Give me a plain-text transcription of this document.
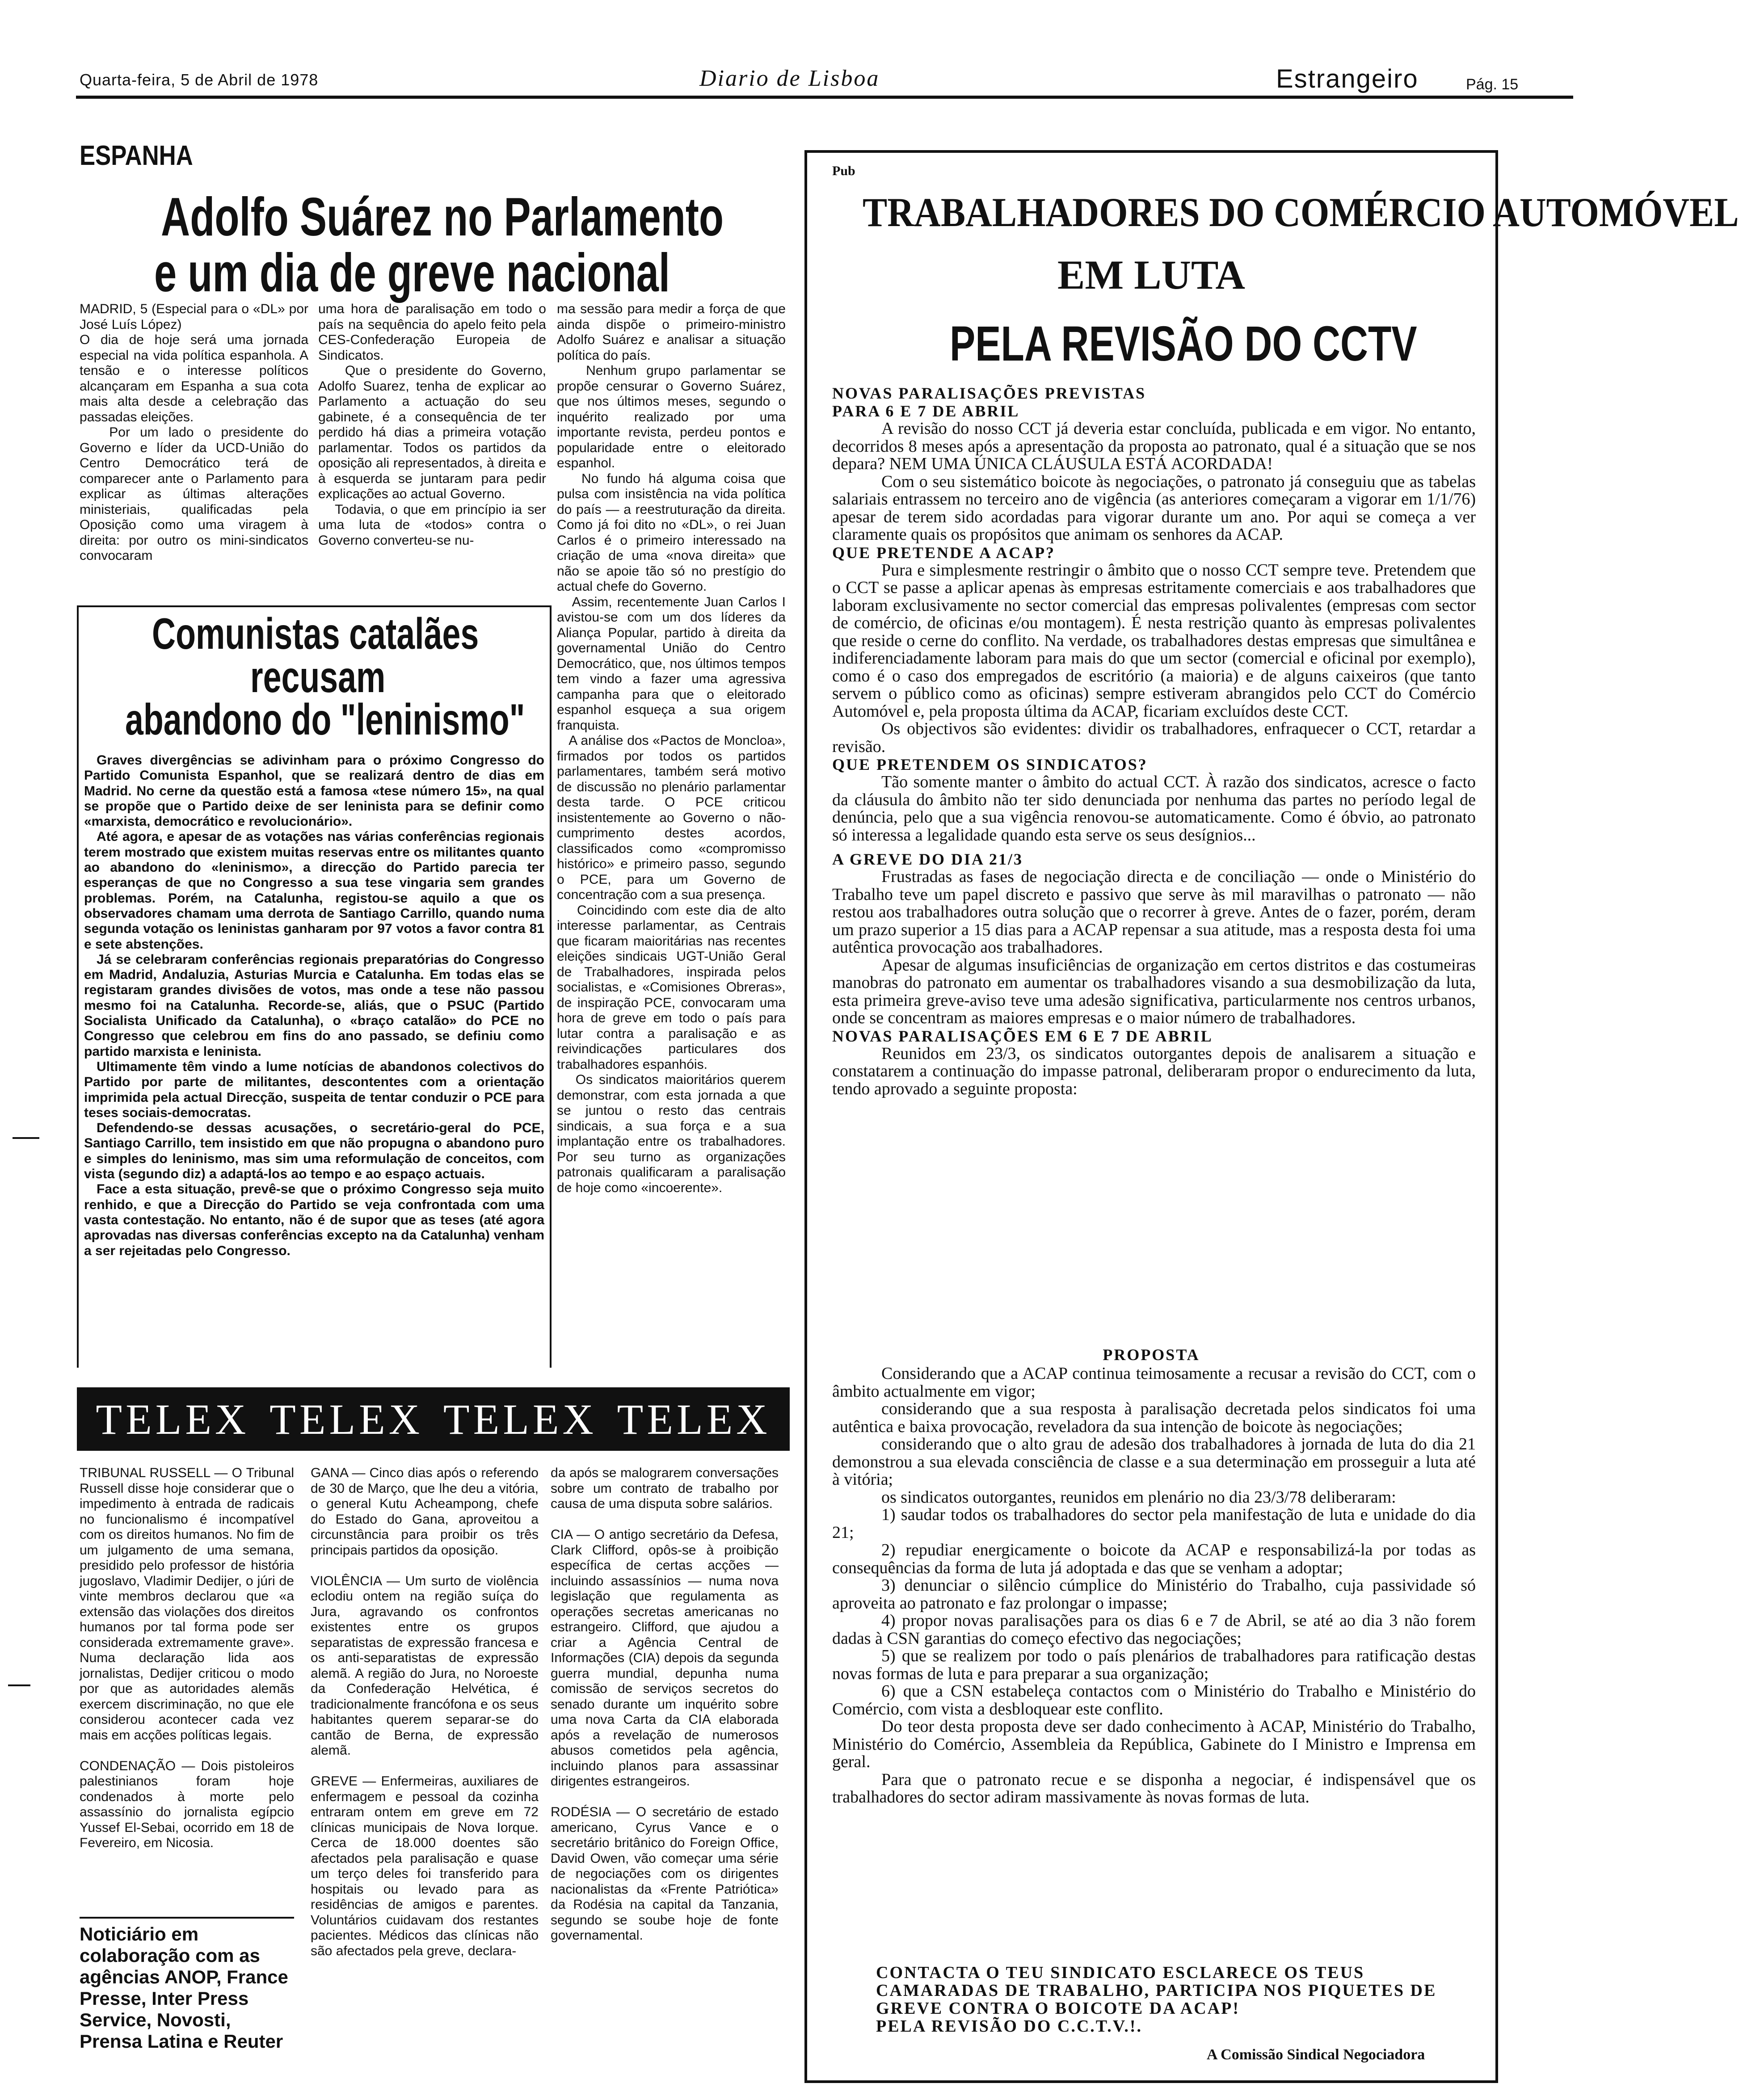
Quarta-feira, 5 de Abril de 1978	Diario de Lisboa	Estrangeiro	Pág. 15
ESPANHA
Adolfo Suárez no Parlamento
e um dia de greve nacional
MADRID, 5 (Especial para o «DL» por José Luís López)
O dia de hoje será uma jornada especial na vida política espanhola. A tensão e o interesse políticos alcançaram em Espanha a sua cota mais alta desde a celebração das passadas eleições.
Por um lado o presidente do Governo e líder da UCD-União do Centro Democrático terá de comparecer ante o Parlamento para explicar as últimas alterações ministeriais, qualificadas pela Oposição como uma viragem à direita: por outro os mini-sindicatos convocaram
uma hora de paralisação em todo o país na sequência do apelo feito pela CES-Confederação Europeia de Sindicatos.
Que o presidente do Governo, Adolfo Suarez, tenha de explicar ao Parlamento a actuação do seu gabinete, é a consequência de ter perdido há dias a primeira votação parlamentar. Todos os partidos da oposição ali representados, à direita e à esquerda se juntaram para pedir explicações ao actual Governo.
Todavia, o que em princípio ia ser uma luta de «todos» contra o Governo converteu-se nu-
ma sessão para medir a força de que ainda dispõe o primeiro-ministro Adolfo Suárez e analisar a situação política do país.
Nenhum grupo parlamentar se propõe censurar o Governo Suárez, que nos últimos meses, segundo o inquérito realizado por uma importante revista, perdeu pontos e popularidade entre o eleitorado espanhol.
No fundo há alguma coisa que pulsa com insistência na vida política do país — a reestruturação da direita. Como já foi dito no «DL», o rei Juan Carlos é o primeiro interessado na criação de uma «nova direita» que não se apoie tão só no prestígio do actual chefe do Governo.
Assim, recentemente Juan Carlos I avistou-se com um dos líderes da Aliança Popular, partido à direita da governamental União do Centro Democrático, que, nos últimos tempos tem vindo a fazer uma agressiva campanha para que o eleitorado espanhol esqueça a sua origem franquista.
A análise dos «Pactos de Moncloa», firmados por todos os partidos parlamentares, também será motivo de discussão no plenário parlamentar desta tarde. O PCE criticou insistentemente ao Governo o não-cumprimento destes acordos, classificados como «compromisso histórico» e primeiro passo, segundo o PCE, para um Governo de concentração com a sua presença.
Coincidindo com este dia de alto interesse parlamentar, as Centrais que ficaram maioritárias nas recentes eleições sindicais UGT-União Geral de Trabalhadores, inspirada pelos socialistas, e «Comisiones Obreras», de inspiração PCE, convocaram uma hora de greve em todo o país para lutar contra a paralisação e as reivindicações particulares dos trabalhadores espanhóis.
Os sindicatos maioritários querem demonstrar, com esta jornada a que se juntou o resto das centrais sindicais, a sua força e a sua implantação entre os trabalhadores. Por seu turno as organizações patronais qualificaram a paralisação de hoje como «incoerente».
Comunistas catalães
recusam
abandono do "leninismo"

Graves divergências se adivinham para o próximo Congresso do Partido Comunista Espanhol, que se realizará dentro de dias em Madrid. No cerne da questão está a famosa «tese número 15», na qual se propõe que o Partido deixe de ser leninista para se definir como «marxista, democrático e revolucionário».

Até agora, e apesar de as votações nas várias conferências regionais terem mostrado que existem muitas reservas entre os militantes quanto ao abandono do «leninismo», a direcção do Partido parecia ter esperanças de que no Congresso a sua tese vingaria sem grandes problemas. Porém, na Catalunha, registou-se aquilo a que os observadores chamam uma derrota de Santiago Carrillo, quando numa segunda votação os leninistas ganharam por 97 votos a favor contra 81 e sete abstenções.

Já se celebraram conferências regionais preparatórias do Congresso em Madrid, Andaluzia, Asturias Murcia e Catalunha. Em todas elas se registaram grandes divisões de votos, mas onde a tese não passou mesmo foi na Catalunha. Recorde-se, aliás, que o PSUC (Partido Socialista Unificado da Catalunha), o «braço catalão» do PCE no Congresso que celebrou em fins do ano passado, se definiu como partido marxista e leninista.

Ultimamente têm vindo a lume notícias de abandonos colectivos do Partido por parte de militantes, descontentes com a orientação imprimida pela actual Direcção, suspeita de tentar conduzir o PCE para teses sociais-democratas.

Defendendo-se dessas acusações, o secretário-geral do PCE, Santiago Carrillo, tem insistido em que não propugna o abandono puro e simples do leninismo, mas sim uma reformulação de conceitos, com vista (segundo diz) a adaptá-los ao tempo e ao espaço actuais.

Face a esta situação, prevê-se que o próximo Congresso seja muito renhido, e que a Direcção do Partido se veja confrontada com uma vasta contestação. No entanto, não é de supor que as teses (até agora aprovadas nas diversas conferências excepto na da Catalunha) venham a ser rejeitadas pelo Congresso.

TELEX TELEX TELEX TELEX
TRIBUNAL RUSSELL — O Tribunal Russell disse hoje considerar que o impedimento à entrada de radicais no funcionalismo é incompatível com os direitos humanos. No fim de um julgamento de uma semana, presidido pelo professor de história jugoslavo, Vladimir Dedijer, o júri de vinte membros declarou que «a extensão das violações dos direitos humanos por tal forma pode ser considerada extremamente grave». Numa declaração lida aos jornalistas, Dedijer criticou o modo por que as autoridades alemãs exercem discriminação, no que ele considerou acontecer cada vez mais em acções políticas legais.

CONDENAÇÃO — Dois pistoleiros palestinianos foram hoje condenados à morte pelo assassínio do jornalista egípcio Yussef El-Sebai, ocorrido em 18 de Fevereiro, em Nicosia.
GANA — Cinco dias após o referendo de 30 de Março, que lhe deu a vitória, o general Kutu Acheampong, chefe do Estado do Gana, aproveitou a circunstância para proibir os três principais partidos da oposição.

VIOLÊNCIA — Um surto de violência eclodiu ontem na região suíça do Jura, agravando os confrontos existentes entre os grupos separatistas de expressão francesa e os anti-separatistas de expressão alemã. A região do Jura, no Noroeste da Confederação Helvética, é tradicionalmente francófona e os seus habitantes querem separar-se do cantão de Berna, de expressão alemã.

GREVE — Enfermeiras, auxiliares de enfermagem e pessoal da cozinha entraram ontem em greve em 72 clínicas municipais de Nova Iorque. Cerca de 18.000 doentes são afectados pela paralisação e quase um terço deles foi transferido para hospitais ou levado para as residências de amigos e parentes. Voluntários cuidavam dos restantes pacientes. Médicos das clínicas não são afectados pela greve, declara-
da após se malograrem conversações sobre um contrato de trabalho por causa de uma disputa sobre salários.

CIA — O antigo secretário da Defesa, Clark Clifford, opôs-se à proibição específica de certas acções — incluindo assassínios — numa nova legislação que regulamenta as operações secretas americanas no estrangeiro. Clifford, que ajudou a criar a Agência Central de Informações (CIA) depois da segunda guerra mundial, depunha numa comissão de serviços secretos do senado durante um inquérito sobre uma nova Carta da CIA elaborada após a revelação de numerosos abusos cometidos pela agência, incluindo planos para assassinar dirigentes estrangeiros.

RODÉSIA — O secretário de estado americano, Cyrus Vance e o secretário britânico do Foreign Office, David Owen, vão começar uma série de negociações com os dirigentes nacionalistas da «Frente Patriótica» da Rodésia na capital da Tanzania, segundo se soube hoje de fonte governamental.
Noticiário em colaboração com as agências ANOP, France Presse, Inter Press Service, Novosti, Prensa Latina e Reuter
Pub
TRABALHADORES DO COMÉRCIO AUTOMÓVEL
EM LUTA
PELA REVISÃO DO CCTV
NOVAS PARALISAÇÕES PREVISTAS
PARA 6 E 7 DE ABRIL

A revisão do nosso CCT já deveria estar concluída, publicada e em vigor. No entanto, decorridos 8 meses após a apresentação da proposta ao patronato, qual é a situação que se nos depara? NEM UMA ÚNICA CLÁUSULA ESTÁ ACORDADA!

Com o seu sistemático boicote às negociações, o patronato já conseguiu que as tabelas salariais entrassem no terceiro ano de vigência (as anteriores começaram a vigorar em 1/1/76) apesar de terem sido acordadas para vigorar durante um ano. Por aqui se começa a ver claramente quais os propósitos que animam os senhores da ACAP.

QUE PRETENDE A ACAP?

Pura e simplesmente restringir o âmbito que o nosso CCT sempre teve. Pretendem que o CCT se passe a aplicar apenas às empresas estritamente comerciais e aos trabalhadores que laboram exclusivamente no sector comercial das empresas polivalentes (empresas com sector de comércio, de oficinas e/ou montagem). É nesta restrição quanto às empresas polivalentes que reside o cerne do conflito. Na verdade, os trabalhadores destas empresas que simultânea e indiferenciadamente laboram para mais do que um sector (comercial e oficinal por exemplo), como é o caso dos empregados de escritório (a maioria) e de alguns caixeiros (que tanto servem o público como as oficinas) sempre estiveram abrangidos pelo CCT do Comércio Automóvel e, pela proposta última da ACAP, ficariam excluídos deste CCT.

Os objectivos são evidentes: dividir os trabalhadores, enfraquecer o CCT, retardar a revisão.

QUE PRETENDEM OS SINDICATOS?

Tão somente manter o âmbito do actual CCT. À razão dos sindicatos, acresce o facto da cláusula do âmbito não ter sido denunciada por nenhuma das partes no período legal de denúncia, pelo que a sua vigência renovou-se automaticamente. Como é óbvio, ao patronato só interessa a legalidade quando esta serve os seus desígnios...

A GREVE DO DIA 21/3

Frustradas as fases de negociação directa e de conciliação — onde o Ministério do Trabalho teve um papel discreto e passivo que serve às mil maravilhas o patronato — não restou aos trabalhadores outra solução que o recorrer à greve. Antes de o fazer, porém, deram um prazo superior a 15 dias para a ACAP repensar a sua atitude, mas a resposta desta foi uma autêntica provocação aos trabalhadores.

Apesar de algumas insuficiências de organização em certos distritos e das costumeiras manobras do patronato em aumentar os trabalhadores visando a sua desmobilização da luta, esta primeira greve-aviso teve uma adesão significativa, particularmente nos centros urbanos, onde se concentram as maiores empresas e o maior número de trabalhadores.

NOVAS PARALISAÇÕES EM 6 E 7 DE ABRIL

Reunidos em 23/3, os sindicatos outorgantes depois de analisarem a situação e constatarem a continuação do impasse patronal, deliberaram propor o endurecimento da luta, tendo aprovado a seguinte proposta:

PROPOSTA

Considerando que a ACAP continua teimosamente a recusar a revisão do CCT, com o âmbito actualmente em vigor;

considerando que a sua resposta à paralisação decretada pelos sindicatos foi uma autêntica e baixa provocação, reveladora da sua intenção de boicote às negociações;

considerando que o alto grau de adesão dos trabalhadores à jornada de luta do dia 21 demonstrou a sua elevada consciência de classe e a sua determinação em prosseguir a luta até à vitória;

os sindicatos outorgantes, reunidos em plenário no dia 23/3/78 deliberaram:

1) saudar todos os trabalhadores do sector pela manifestação de luta e unidade do dia 21;

2) repudiar energicamente o boicote da ACAP e responsabilizá-la por todas as consequências da forma de luta já adoptada e das que se venham a adoptar;

3) denunciar o silêncio cúmplice do Ministério do Trabalho, cuja passividade só aproveita ao patronato e faz prolongar o impasse;

4) propor novas paralisações para os dias 6 e 7 de Abril, se até ao dia 3 não forem dadas à CSN garantias do começo efectivo das negociações;

5) que se realizem por todo o país plenários de trabalhadores para ratificação destas novas formas de luta e para preparar a sua organização;

6) que a CSN estabeleça contactos com o Ministério do Trabalho e Ministério do Comércio, com vista a desbloquear este conflito.

Do teor desta proposta deve ser dado conhecimento à ACAP, Ministério do Trabalho, Ministério do Comércio, Assembleia da República, Gabinete do I Ministro e Imprensa em geral.

Para que o patronato recue e se disponha a negociar, é indispensável que os trabalhadores do sector adiram massivamente às novas formas de luta.

CONTACTA O TEU SINDICATO ESCLARECE OS TEUS CAMARADAS DE TRABALHO, PARTICIPA NOS PIQUETES DE GREVE CONTRA O BOICOTE DA ACAP!
PELA REVISÃO DO C.C.T.V.!.
A Comissão Sindical Negociadora
